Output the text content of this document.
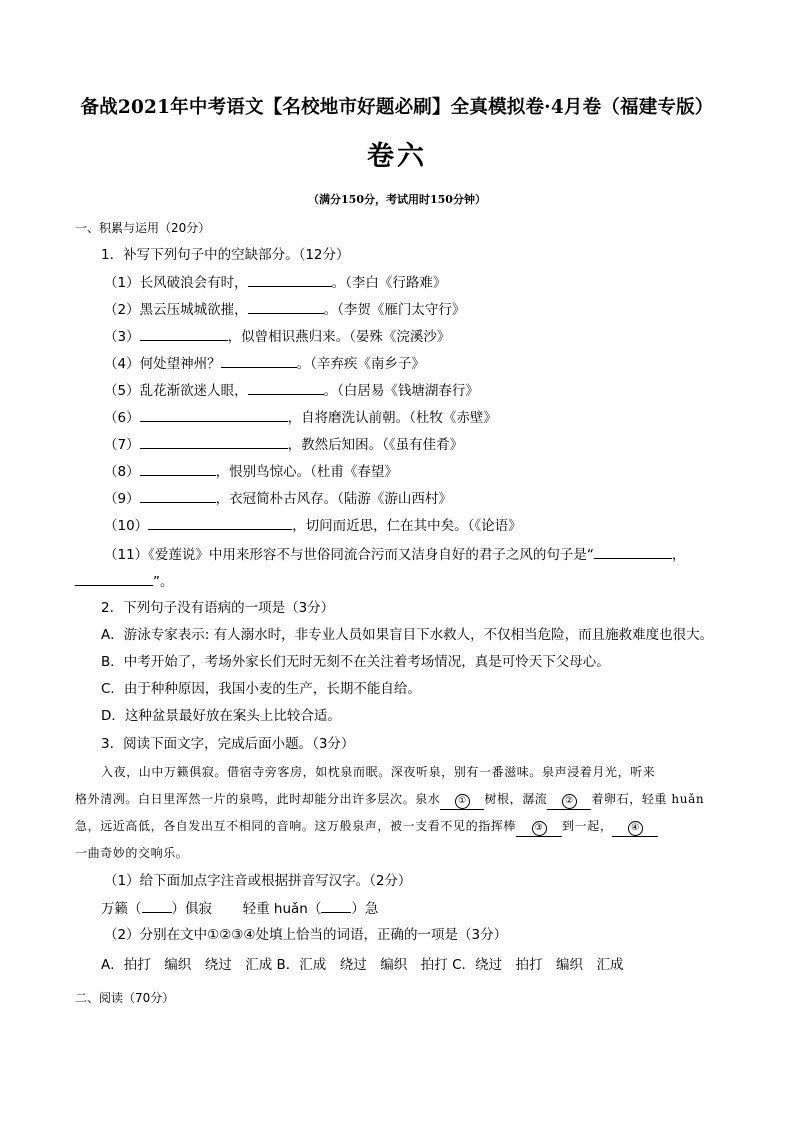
备战2021年中考语文【名校地市好题必刷】全真模拟卷·4月卷（福建专版）
卷六
（满分150分，考试用时150分钟）
一、积累与运用（20分）
1．补写下列句子中的空缺部分。（12分）
（1）长风破浪会有时，	。（李白《行路难》
（2）黑云压城城欲摧，	。（李贺《雁门太守行》
（3）	，似曾相识燕归来。（晏殊《浣溪沙》
（4）何处望神州？	。（辛弃疾《南乡子》
（5）乱花渐欲迷人眼，	。（白居易《钱塘湖春行》
（6）	，自将磨洗认前朝。（杜牧《赤壁》
（7）	，教然后知困。（《虽有佳肴》
（8）	，恨别鸟惊心。（杜甫《春望》
（9）	，衣冠简朴古风存。（陆游《游山西村》
（10）	，切问而近思，仁在其中矣。（《论语》
（11）《爱莲说》中用来形容不与世俗同流合污而又洁身自好的君子之风的句子是“	，
”。
2．下列句子没有语病的一项是（3分）
A．游泳专家表示: 有人溺水时，非专业人员如果盲目下水救人，不仅相当危险，而且施救难度也很大。
B．中考开始了，考场外家长们无时无刻不在关注着考场情况，真是可怜天下父母心。
C．由于种种原因，我国小麦的生产，长期不能自给。
D．这种盆景最好放在案头上比较合适。
3．阅读下面文字，完成后面小题。（3分）
入夜，山中万籁俱寂。借宿寺旁客房，如枕泉而眠。深夜听泉，别有一番滋味。泉声浸着月光，听来
格外清冽。白日里浑然一片的泉鸣，此时却能分出许多层次。泉水 ① 树根，潺流 ② 着卵石，轻重 huǎn
急，远近高低，各自发出互不相同的音响。这万般泉声，被一支看不见的指挥棒 ③ 到一起， ④
一曲奇妙的交响乐。
（1）给下面加点字注音或根据拼音写汉字。（2分）
万籁（ ）俱寂 轻重 huǎn（ ）急
（2）分别在文中①②③④处填上恰当的词语，正确的一项是（3分）
A．拍打　编织　绕过　汇成 B．汇成　绕过　编织　拍打 C．绕过　拍打　编织　汇成
二、阅读（70分）
